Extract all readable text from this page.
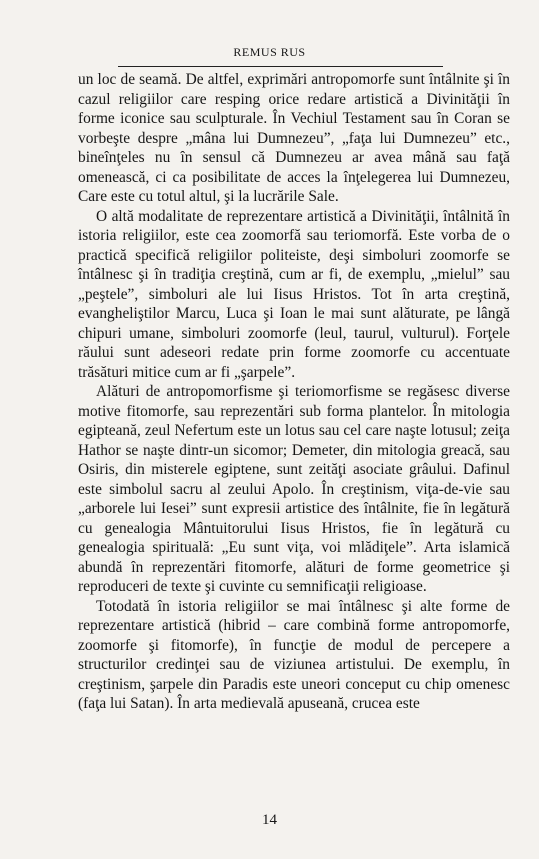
REMUS RUS

un loc de seamă. De altfel, exprimări antropomorfe sunt întâlnite şi în cazul religiilor care resping orice redare artistică a Divinităţii în forme iconice sau sculpturale. În Vechiul Testament sau în Coran se vorbeşte despre „mâna lui Dumnezeu”, „faţa lui Dumnezeu” etc., bineînţeles nu în sensul că Dumnezeu ar avea mână sau faţă omenească, ci ca posibilitate de acces la înţelegerea lui Dumnezeu, Care este cu totul altul, şi la lucrările Sale.

O altă modalitate de reprezentare artistică a Divinităţii, întâlnită în istoria religiilor, este cea zoomorfă sau teriomorfă. Este vorba de o practică specifică religiilor politeiste, deşi simboluri zoomorfe se întâlnesc şi în tradiţia creştină, cum ar fi, de exemplu, „mielul” sau „peştele”, simboluri ale lui Iisus Hristos. Tot în arta creştină, evangheliştilor Marcu, Luca şi Ioan le mai sunt alăturate, pe lângă chipuri umane, simboluri zoomorfe (leul, taurul, vulturul). Forţele răului sunt adeseori redate prin forme zoomorfe cu accentuate trăsături mitice cum ar fi „şarpele”.

Alături de antropomorfisme şi teriomorfisme se regăsesc diverse motive fitomorfe, sau reprezentări sub forma plantelor. În mitologia egipteană, zeul Nefertum este un lotus sau cel care naşte lotusul; zeiţa Hathor se naşte dintr-un sicomor; Demeter, din mitologia greacă, sau Osiris, din misterele egiptene, sunt zeităţi asociate grâului. Dafinul este simbolul sacru al zeului Apolo. În creştinism, viţa-de-vie sau „arborele lui Iesei” sunt expresii artistice des întâlnite, fie în legătură cu genealogia Mântuitorului Iisus Hristos, fie în legătură cu genealogia spirituală: „Eu sunt viţa, voi mlădiţele”. Arta islamică abundă în reprezentări fitomorfe, alături de forme geometrice şi reproduceri de texte şi cuvinte cu semnificaţii religioase.

Totodată în istoria religiilor se mai întâlnesc şi alte forme de reprezentare artistică (hibrid – care combină forme antropomorfe, zoomorfe şi fitomorfe), în funcţie de modul de percepere a structurilor credinţei sau de viziunea artistului. De exemplu, în creştinism, şarpele din Paradis este uneori conceput cu chip omenesc (faţa lui Satan). În arta medievală apuseană, crucea este

14
